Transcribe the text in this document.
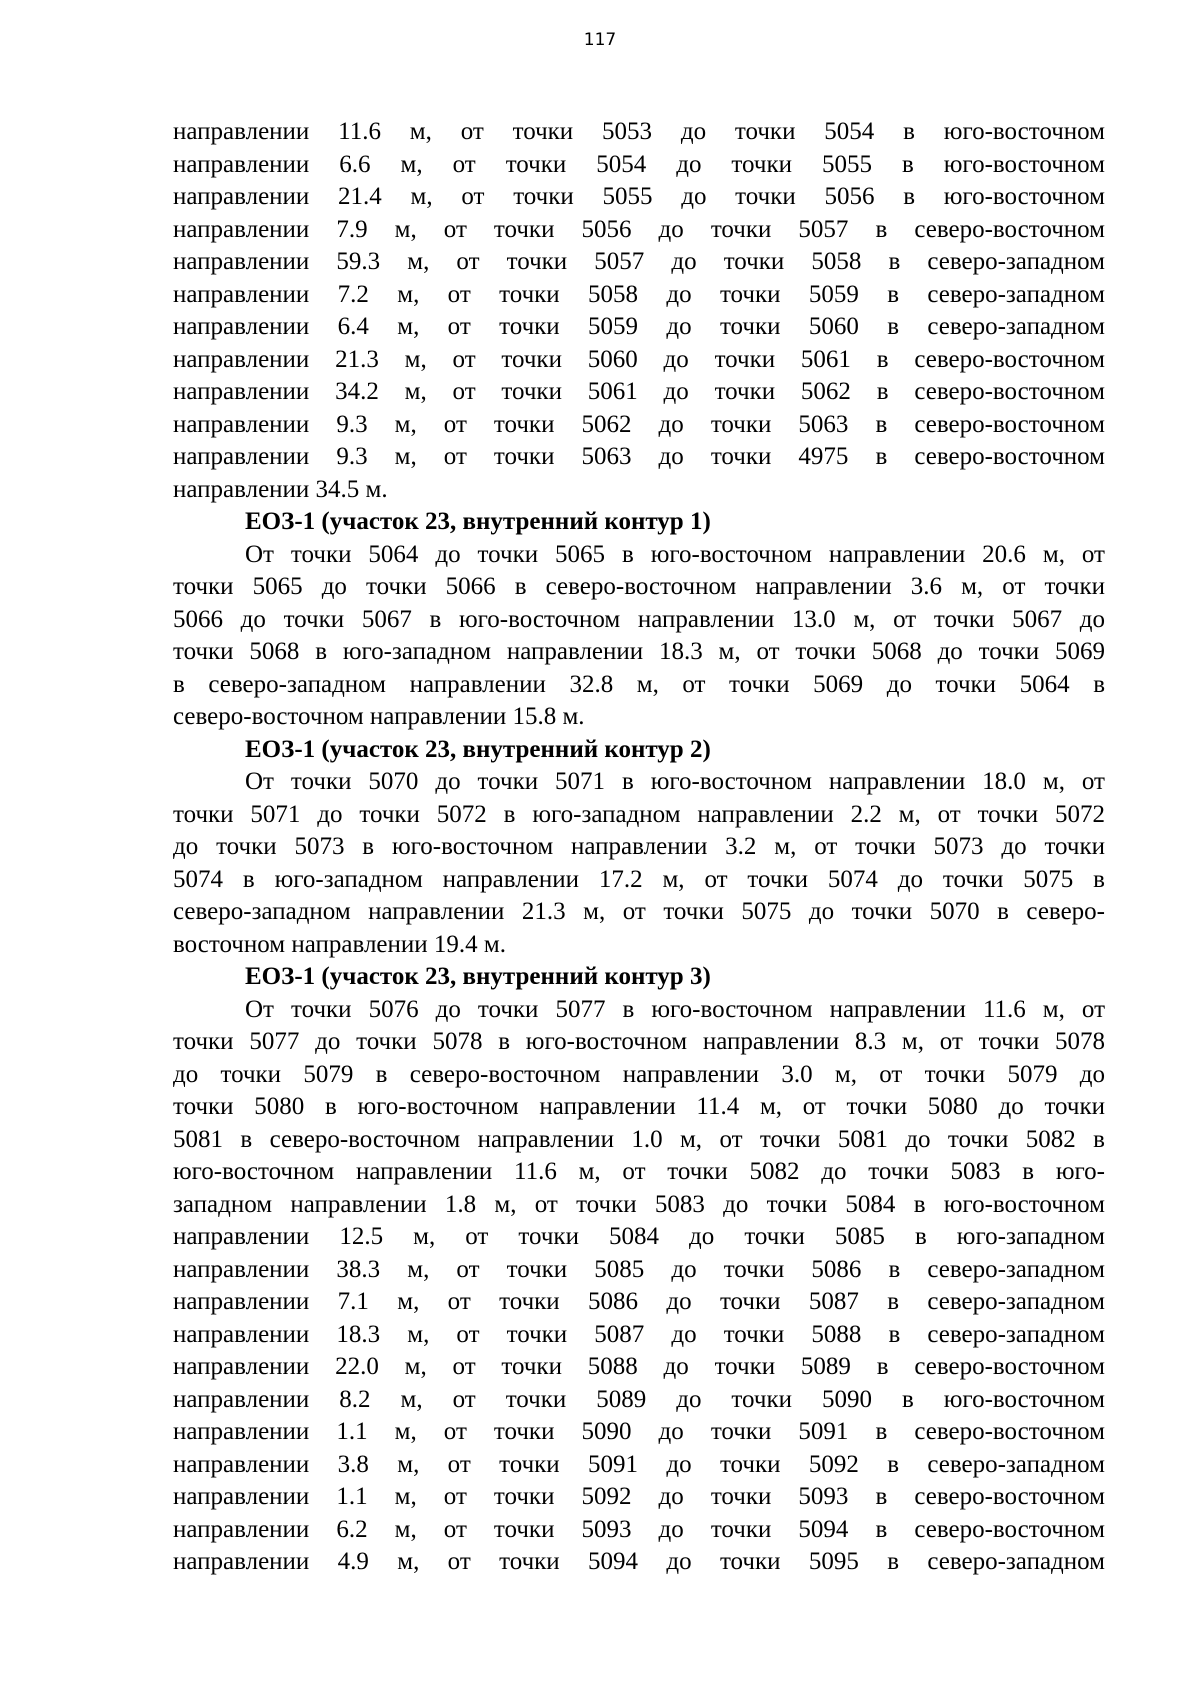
117
направлении 11.6 м, от точки 5053 до точки 5054 в юго-восточном
направлении 6.6 м, от точки 5054 до точки 5055 в юго-восточном
направлении 21.4 м, от точки 5055 до точки 5056 в юго-восточном
направлении 7.9 м, от точки 5056 до точки 5057 в северо-восточном
направлении 59.3 м, от точки 5057 до точки 5058 в северо-западном
направлении 7.2 м, от точки 5058 до точки 5059 в северо-западном
направлении 6.4 м, от точки 5059 до точки 5060 в северо-западном
направлении 21.3 м, от точки 5060 до точки 5061 в северо-восточном
направлении 34.2 м, от точки 5061 до точки 5062 в северо-восточном
направлении 9.3 м, от точки 5062 до точки 5063 в северо-восточном
направлении 9.3 м, от точки 5063 до точки 4975 в северо-восточном
направлении 34.5 м.
ЕОЗ-1 (участок 23, внутренний контур 1)
От точки 5064 до точки 5065 в юго-восточном направлении 20.6 м, от
точки 5065 до точки 5066 в северо-восточном направлении 3.6 м, от точки
5066 до точки 5067 в юго-восточном направлении 13.0 м, от точки 5067 до
точки 5068 в юго-западном направлении 18.3 м, от точки 5068 до точки 5069
в северо-западном направлении 32.8 м, от точки 5069 до точки 5064 в
северо-восточном направлении 15.8 м.
ЕОЗ-1 (участок 23, внутренний контур 2)
От точки 5070 до точки 5071 в юго-восточном направлении 18.0 м, от
точки 5071 до точки 5072 в юго-западном направлении 2.2 м, от точки 5072
до точки 5073 в юго-восточном направлении 3.2 м, от точки 5073 до точки
5074 в юго-западном направлении 17.2 м, от точки 5074 до точки 5075 в
северо-западном направлении 21.3 м, от точки 5075 до точки 5070 в северо-
восточном направлении 19.4 м.
ЕОЗ-1 (участок 23, внутренний контур 3)
От точки 5076 до точки 5077 в юго-восточном направлении 11.6 м, от
точки 5077 до точки 5078 в юго-восточном направлении 8.3 м, от точки 5078
до точки 5079 в северо-восточном направлении 3.0 м, от точки 5079 до
точки 5080 в юго-восточном направлении 11.4 м, от точки 5080 до точки
5081 в северо-восточном направлении 1.0 м, от точки 5081 до точки 5082 в
юго-восточном направлении 11.6 м, от точки 5082 до точки 5083 в юго-
западном направлении 1.8 м, от точки 5083 до точки 5084 в юго-восточном
направлении 12.5 м, от точки 5084 до точки 5085 в юго-западном
направлении 38.3 м, от точки 5085 до точки 5086 в северо-западном
направлении 7.1 м, от точки 5086 до точки 5087 в северо-западном
направлении 18.3 м, от точки 5087 до точки 5088 в северо-западном
направлении 22.0 м, от точки 5088 до точки 5089 в северо-восточном
направлении 8.2 м, от точки 5089 до точки 5090 в юго-восточном
направлении 1.1 м, от точки 5090 до точки 5091 в северо-восточном
направлении 3.8 м, от точки 5091 до точки 5092 в северо-западном
направлении 1.1 м, от точки 5092 до точки 5093 в северо-восточном
направлении 6.2 м, от точки 5093 до точки 5094 в северо-восточном
направлении 4.9 м, от точки 5094 до точки 5095 в северо-западном
